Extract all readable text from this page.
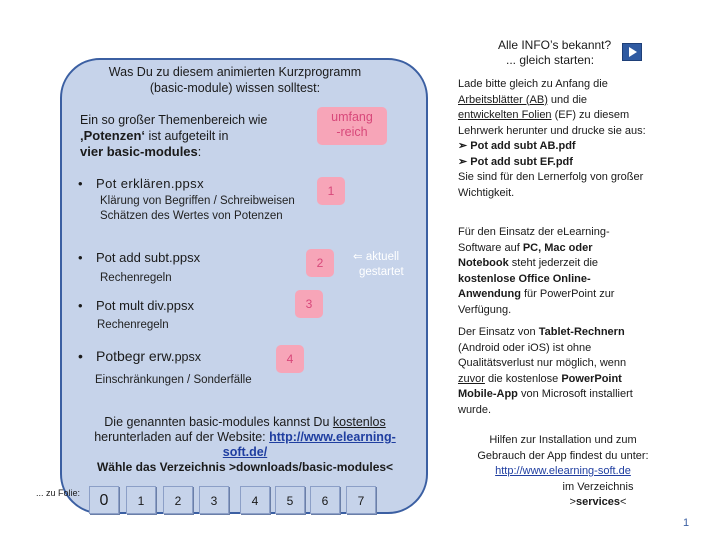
Was Du zu diesem animierten Kurzprogramm
(basic-module) wissen solltest:
Ein so großer Themenbereich wie
‚Potenzen‘ ist aufgeteilt in
vier basic-modules:
umfang
-reich
• Pot erklären.ppsx
Klärung von Begriffen / Schreibweisen
Schätzen des Wertes von Potenzen
1
• Pot add subt.ppsx
Rechenregeln
2	⇐ aktuell
gestartet
• Pot mult div.ppsx
Rechenregeln
3
• Potbegr erw.ppsx
Einschränkungen / Sonderfälle
4
Die genannten basic-modules kannst Du kostenlos
herunterladen auf der Website: http://www.elearning-
soft.de/
Wähle das Verzeichnis >downloads/basic-modules<
... zu Folie:	0	1	2	3	4	5	6	7
Alle INFO’s bekannt?
... gleich starten:
Lade bitte gleich zu Anfang die
Arbeitsblätter (AB) und die
entwickelten Folien (EF) zu diesem
Lehrwerk herunter und drucke sie aus:
➢ Pot add subt AB.pdf
➢ Pot add subt EF.pdf
Sie sind für den Lernerfolg von großer
Wichtigkeit.
Für den Einsatz der eLearning-
Software auf PC, Mac oder
Notebook steht jederzeit die
kostenlose Office Online-
Anwendung für PowerPoint zur
Verfügung.
Der Einsatz von Tablet-Rechnern
(Android oder iOS) ist ohne
Qualitätsverlust nur möglich, wenn
zuvor die kostenlose PowerPoint
Mobile-App von Microsoft installiert
wurde.
Hilfen zur Installation und zum
Gebrauch der App findest du unter:
http://www.elearning-soft.de
im Verzeichnis >services<
1
